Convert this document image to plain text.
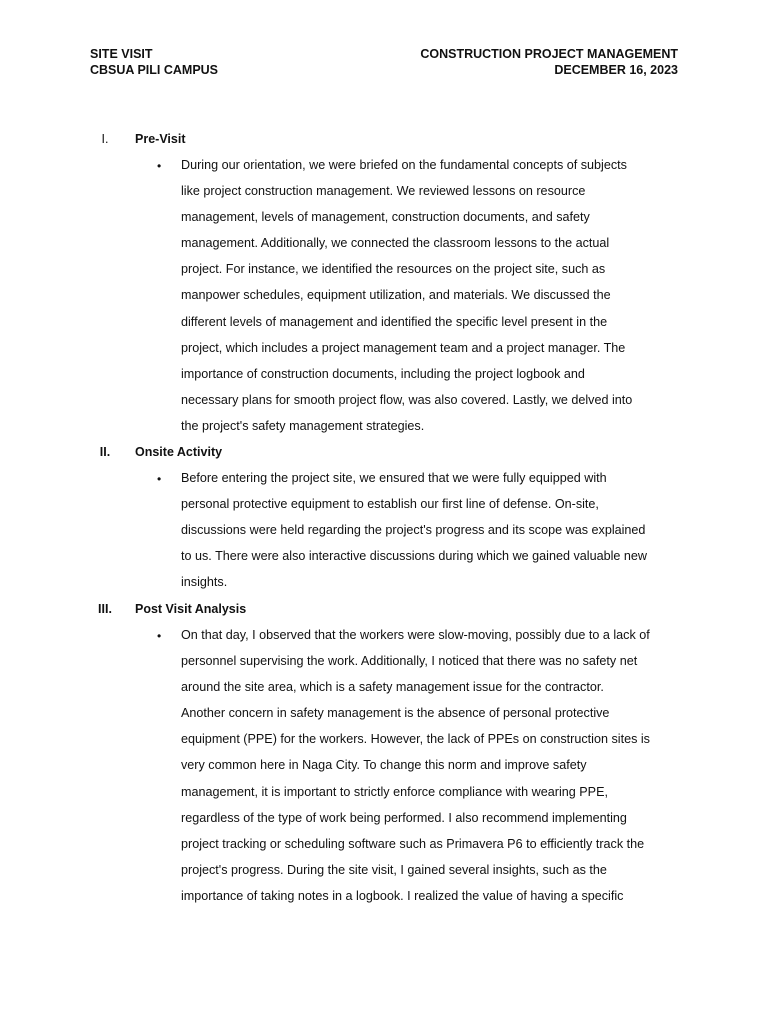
SITE VISIT
CBSUA PILI CAMPUS
CONSTRUCTION PROJECT MANAGEMENT
DECEMBER 16, 2023
I.	Pre-Visit
• During our orientation, we were briefed on the fundamental concepts of subjects
like project construction management. We reviewed lessons on resource
management, levels of management, construction documents, and safety
management. Additionally, we connected the classroom lessons to the actual
project. For instance, we identified the resources on the project site, such as
manpower schedules, equipment utilization, and materials. We discussed the
different levels of management and identified the specific level present in the
project, which includes a project management team and a project manager. The
importance of construction documents, including the project logbook and
necessary plans for smooth project flow, was also covered. Lastly, we delved into
the project's safety management strategies.
II.	Onsite Activity
• Before entering the project site, we ensured that we were fully equipped with
personal protective equipment to establish our first line of defense. On-site,
discussions were held regarding the project's progress and its scope was explained
to us. There were also interactive discussions during which we gained valuable new
insights.
III.	Post Visit Analysis
• On that day, I observed that the workers were slow-moving, possibly due to a lack of
personnel supervising the work. Additionally, I noticed that there was no safety net
around the site area, which is a safety management issue for the contractor.
Another concern in safety management is the absence of personal protective
equipment (PPE) for the workers. However, the lack of PPEs on construction sites is
very common here in Naga City. To change this norm and improve safety
management, it is important to strictly enforce compliance with wearing PPE,
regardless of the type of work being performed. I also recommend implementing
project tracking or scheduling software such as Primavera P6 to efficiently track the
project's progress. During the site visit, I gained several insights, such as the
importance of taking notes in a logbook. I realized the value of having a specific
